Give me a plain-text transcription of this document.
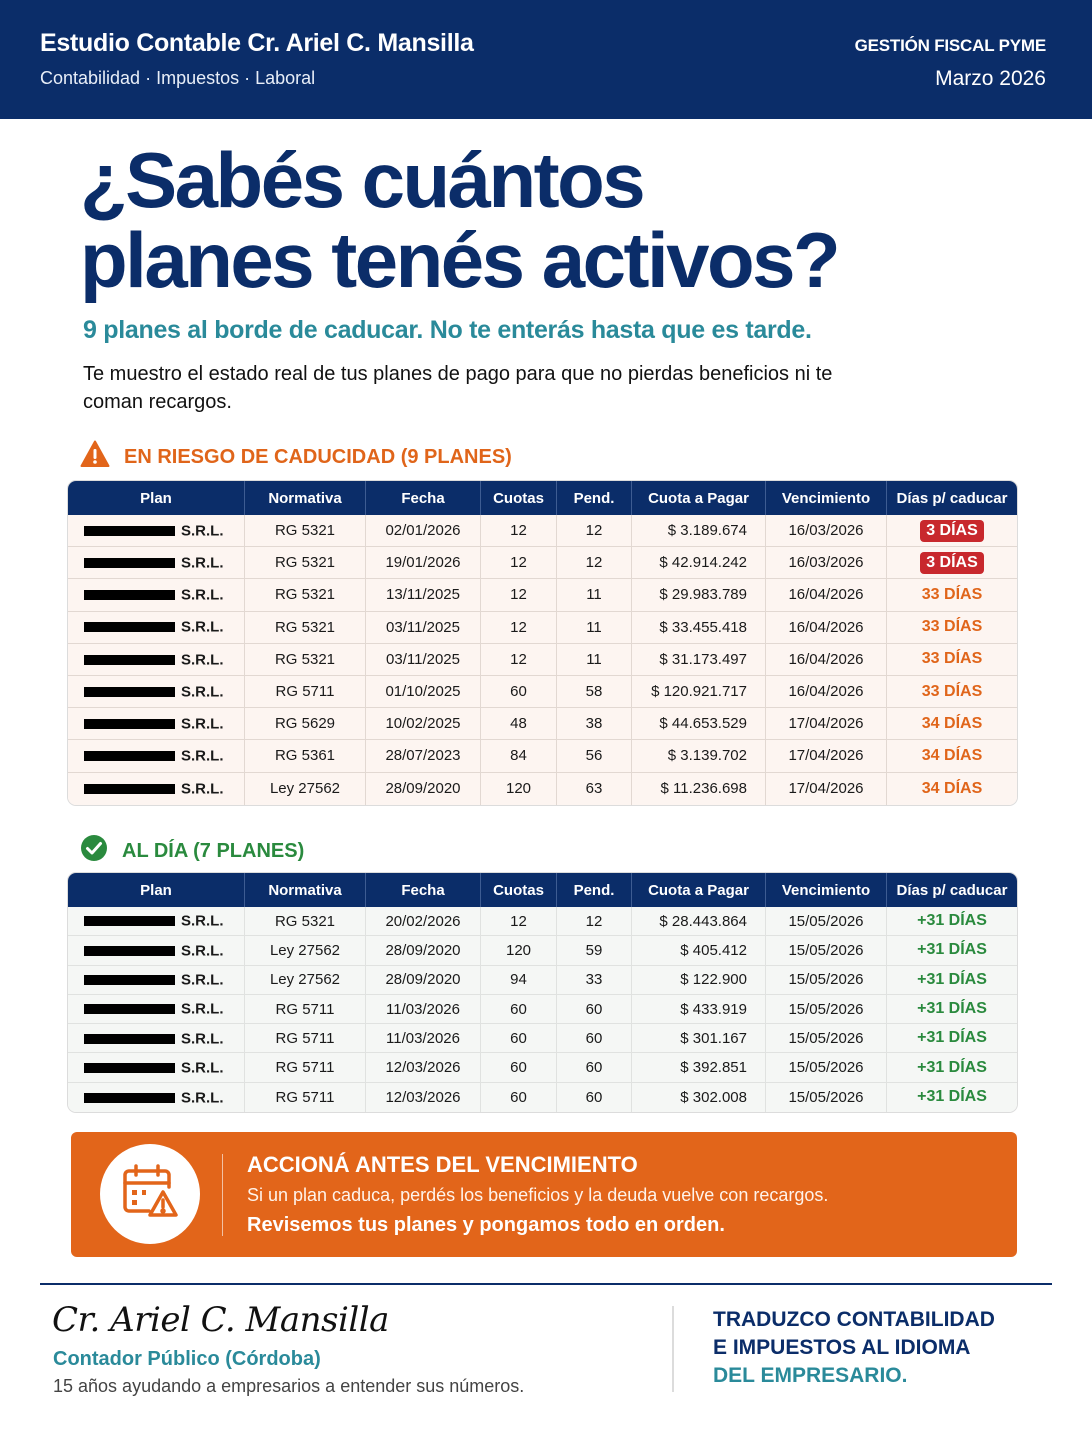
Estudio Contable Cr. Ariel C. Mansilla
Contabilidad · Impuestos · Laboral
GESTIÓN FISCAL PYME
Marzo 2026
¿Sabés cuántos
planes tenés activos?
9 planes al borde de caducar. No te enterás hasta que es tarde.
Te muestro el estado real de tus planes de pago para que no pierdas beneficios ni te coman recargos.
EN RIESGO DE CADUCIDAD (9 PLANES)
Plan	Normativa	Fecha	Cuotas	Pend.	Cuota a Pagar	Vencimiento	Días p/ caducar
S.R.L.	RG 5321	02/01/2026	12	12	$ 3.189.674	16/03/2026	3 DÍAS
S.R.L.	RG 5321	19/01/2026	12	12	$ 42.914.242	16/03/2026	3 DÍAS
S.R.L.	RG 5321	13/11/2025	12	11	$ 29.983.789	16/04/2026	33 DÍAS
S.R.L.	RG 5321	03/11/2025	12	11	$ 33.455.418	16/04/2026	33 DÍAS
S.R.L.	RG 5321	03/11/2025	12	11	$ 31.173.497	16/04/2026	33 DÍAS
S.R.L.	RG 5711	01/10/2025	60	58	$ 120.921.717	16/04/2026	33 DÍAS
S.R.L.	RG 5629	10/02/2025	48	38	$ 44.653.529	17/04/2026	34 DÍAS
S.R.L.	RG 5361	28/07/2023	84	56	$ 3.139.702	17/04/2026	34 DÍAS
S.R.L.	Ley 27562	28/09/2020	120	63	$ 11.236.698	17/04/2026	34 DÍAS
AL DÍA (7 PLANES)
Plan	Normativa	Fecha	Cuotas	Pend.	Cuota a Pagar	Vencimiento	Días p/ caducar
S.R.L.	RG 5321	20/02/2026	12	12	$ 28.443.864	15/05/2026	+31 DÍAS
S.R.L.	Ley 27562	28/09/2020	120	59	$ 405.412	15/05/2026	+31 DÍAS
S.R.L.	Ley 27562	28/09/2020	94	33	$ 122.900	15/05/2026	+31 DÍAS
S.R.L.	RG 5711	11/03/2026	60	60	$ 433.919	15/05/2026	+31 DÍAS
S.R.L.	RG 5711	11/03/2026	60	60	$ 301.167	15/05/2026	+31 DÍAS
S.R.L.	RG 5711	12/03/2026	60	60	$ 392.851	15/05/2026	+31 DÍAS
S.R.L.	RG 5711	12/03/2026	60	60	$ 302.008	15/05/2026	+31 DÍAS
ACCIONÁ ANTES DEL VENCIMIENTO
Si un plan caduca, perdés los beneficios y la deuda vuelve con recargos.
Revisemos tus planes y pongamos todo en orden.
Cr. Ariel C. Mansilla
Contador Público (Córdoba)
15 años ayudando a empresarios a entender sus números.
TRADUZCO CONTABILIDAD
E IMPUESTOS AL IDIOMA
DEL EMPRESARIO.
